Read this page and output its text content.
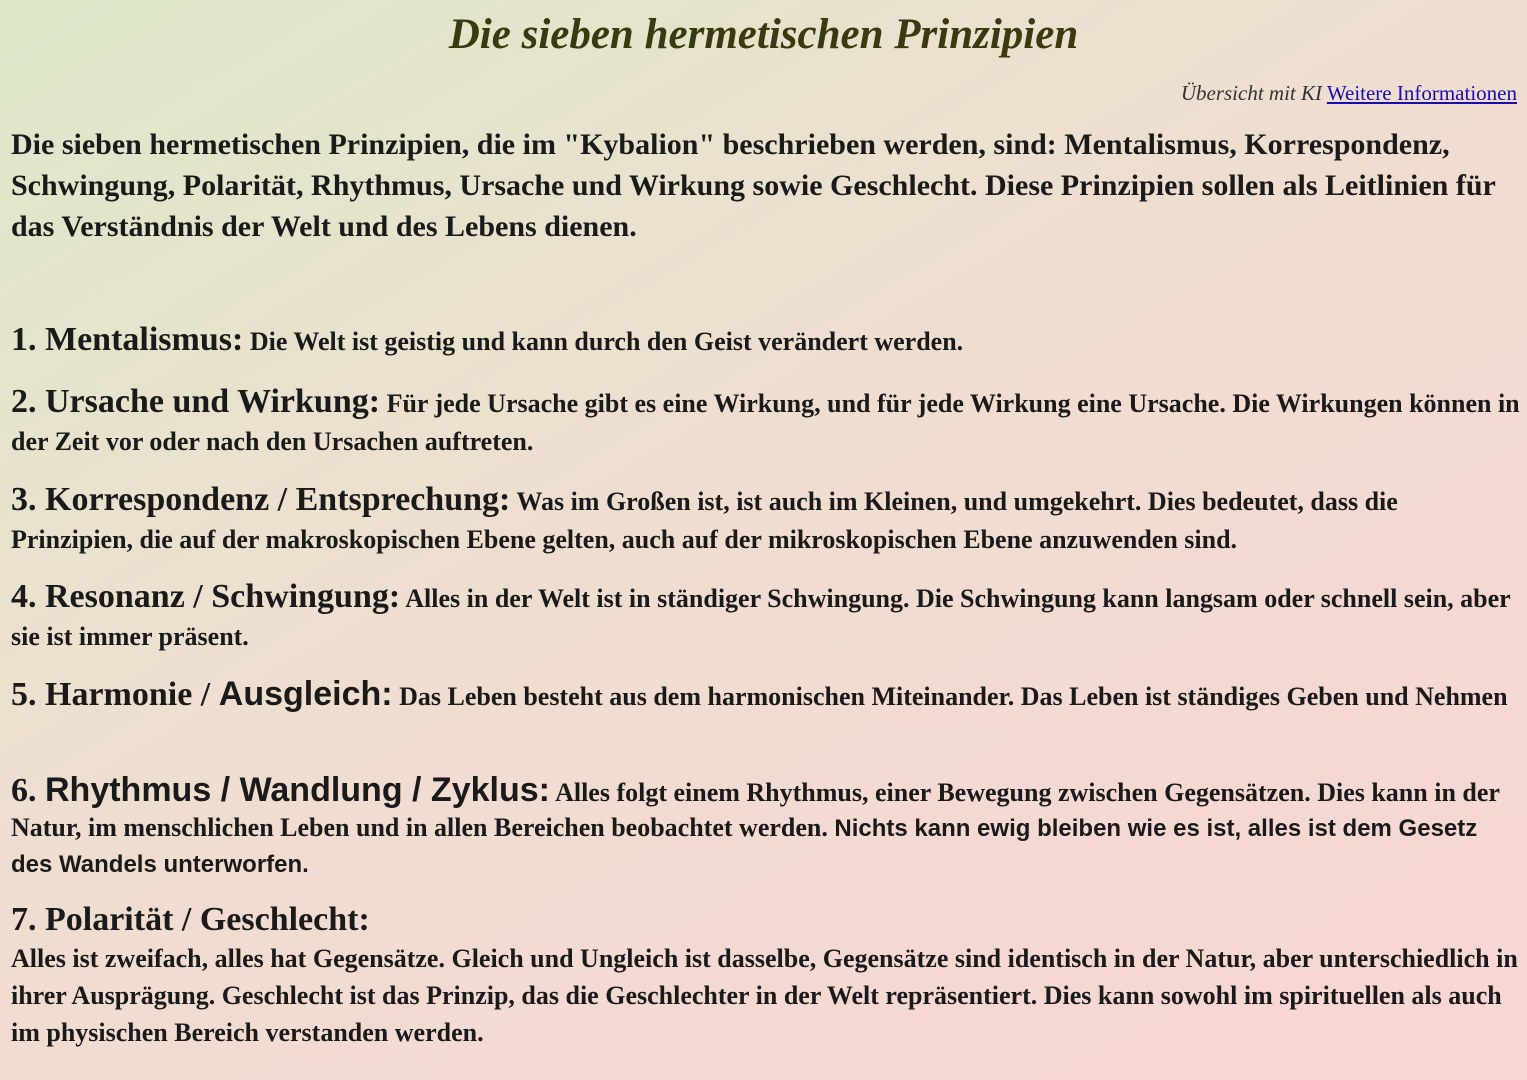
Die sieben hermetischen Prinzipien
Übersicht mit KI Weitere Informationen

Die sieben hermetischen Prinzipien, die im "Kybalion" beschrieben werden, sind: Mentalismus, Korrespondenz, Schwingung, Polarität, Rhythmus, Ursache und Wirkung sowie Geschlecht. Diese Prinzipien sollen als Leitlinien für das Verständnis der Welt und des Lebens dienen.

1. Mentalismus: Die Welt ist geistig und kann durch den Geist verändert werden.

2. Ursache und Wirkung: Für jede Ursache gibt es eine Wirkung, und für jede Wirkung eine Ursache. Die Wirkungen können in der Zeit vor oder nach den Ursachen auftreten.

3. Korrespondenz / Entsprechung: Was im Großen ist, ist auch im Kleinen, und umgekehrt. Dies bedeutet, dass die Prinzipien, die auf der makroskopischen Ebene gelten, auch auf der mikroskopischen Ebene anzuwenden sind.

4. Resonanz / Schwingung: Alles in der Welt ist in ständiger Schwingung. Die Schwingung kann langsam oder schnell sein, aber sie ist immer präsent.

5. Harmonie / Ausgleich: Das Leben besteht aus dem harmonischen Miteinander. Das Leben ist ständiges Geben und Nehmen

6. Rhythmus / Wandlung / Zyklus: Alles folgt einem Rhythmus, einer Bewegung zwischen Gegensätzen. Dies kann in der Natur, im menschlichen Leben und in allen Bereichen beobachtet werden. Nichts kann ewig bleiben wie es ist, alles ist dem Gesetz des Wandels unterworfen.

7. Polarität / Geschlecht:
Alles ist zweifach, alles hat Gegensätze. Gleich und Ungleich ist dasselbe, Gegensätze sind identisch in der Natur, aber unterschiedlich in ihrer Ausprägung. Geschlecht ist das Prinzip, das die Geschlechter in der Welt repräsentiert. Dies kann sowohl im spirituellen als auch im physischen Bereich verstanden werden.
